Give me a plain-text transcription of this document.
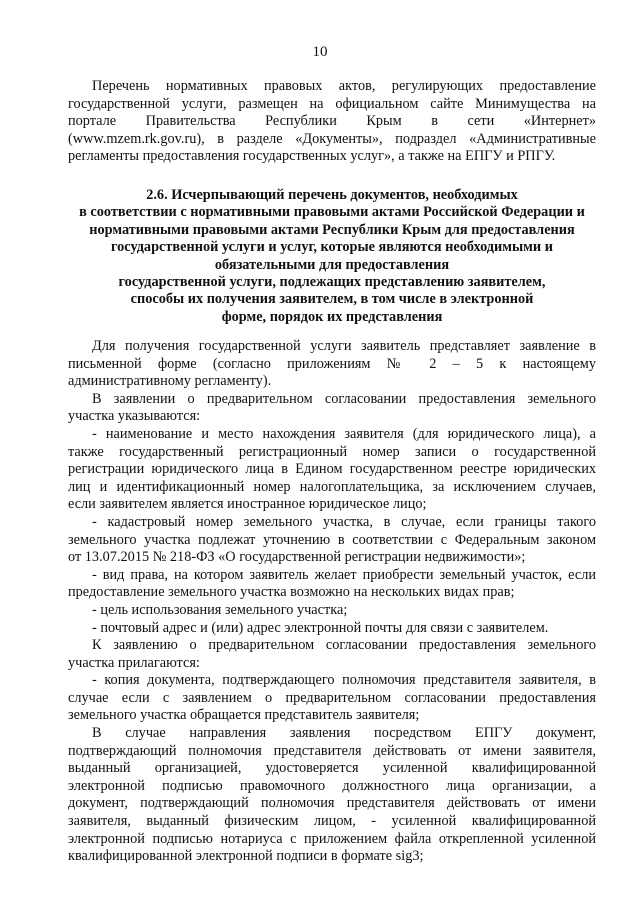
10
Перечень нормативных правовых актов, регулирующих предоставление
государственной услуги, размещен на официальном сайте Минимущества на
портале Правительства Республики Крым в сети «Интернет»
(www.mzem.rk.gov.ru), в разделе «Документы», подраздел «Административные
регламенты предоставления государственных услуг», а также на ЕПГУ и РПГУ.
2.6. Исчерпывающий перечень документов, необходимых
в соответствии с нормативными правовыми актами Российской Федерации и
нормативными правовыми актами Республики Крым для предоставления
государственной услуги и услуг, которые являются необходимыми и
обязательными для предоставления
государственной услуги, подлежащих представлению заявителем,
способы их получения заявителем, в том числе в электронной
форме, порядок их представления
Для получения государственной услуги заявитель представляет заявление в
письменной форме (согласно приложениям № 2 – 5 к настоящему
административному регламенту).
В заявлении о предварительном согласовании предоставления земельного
участка указываются:
- наименование и место нахождения заявителя (для юридического лица), а
также государственный регистрационный номер записи о государственной
регистрации юридического лица в Едином государственном реестре юридических
лиц и идентификационный номер налогоплательщика, за исключением случаев,
если заявителем является иностранное юридическое лицо;
- кадастровый номер земельного участка, в случае, если границы такого
земельного участка подлежат уточнению в соответствии с Федеральным законом
от 13.07.2015 № 218-ФЗ «О государственной регистрации недвижимости»;
- вид права, на котором заявитель желает приобрести земельный участок, если
предоставление земельного участка возможно на нескольких видах прав;
- цель использования земельного участка;
- почтовый адрес и (или) адрес электронной почты для связи с заявителем.
К заявлению о предварительном согласовании предоставления земельного
участка прилагаются:
- копия документа, подтверждающего полномочия представителя заявителя, в
случае если с заявлением о предварительном согласовании предоставления
земельного участка обращается представитель заявителя;
В случае направления заявления посредством ЕПГУ документ,
подтверждающий полномочия представителя действовать от имени заявителя,
выданный организацией, удостоверяется усиленной квалифицированной
электронной подписью правомочного должностного лица организации, а
документ, подтверждающий полномочия представителя действовать от имени
заявителя, выданный физическим лицом, - усиленной квалифицированной
электронной подписью нотариуса с приложением файла открепленной усиленной
квалифицированной электронной подписи в формате sig3;
